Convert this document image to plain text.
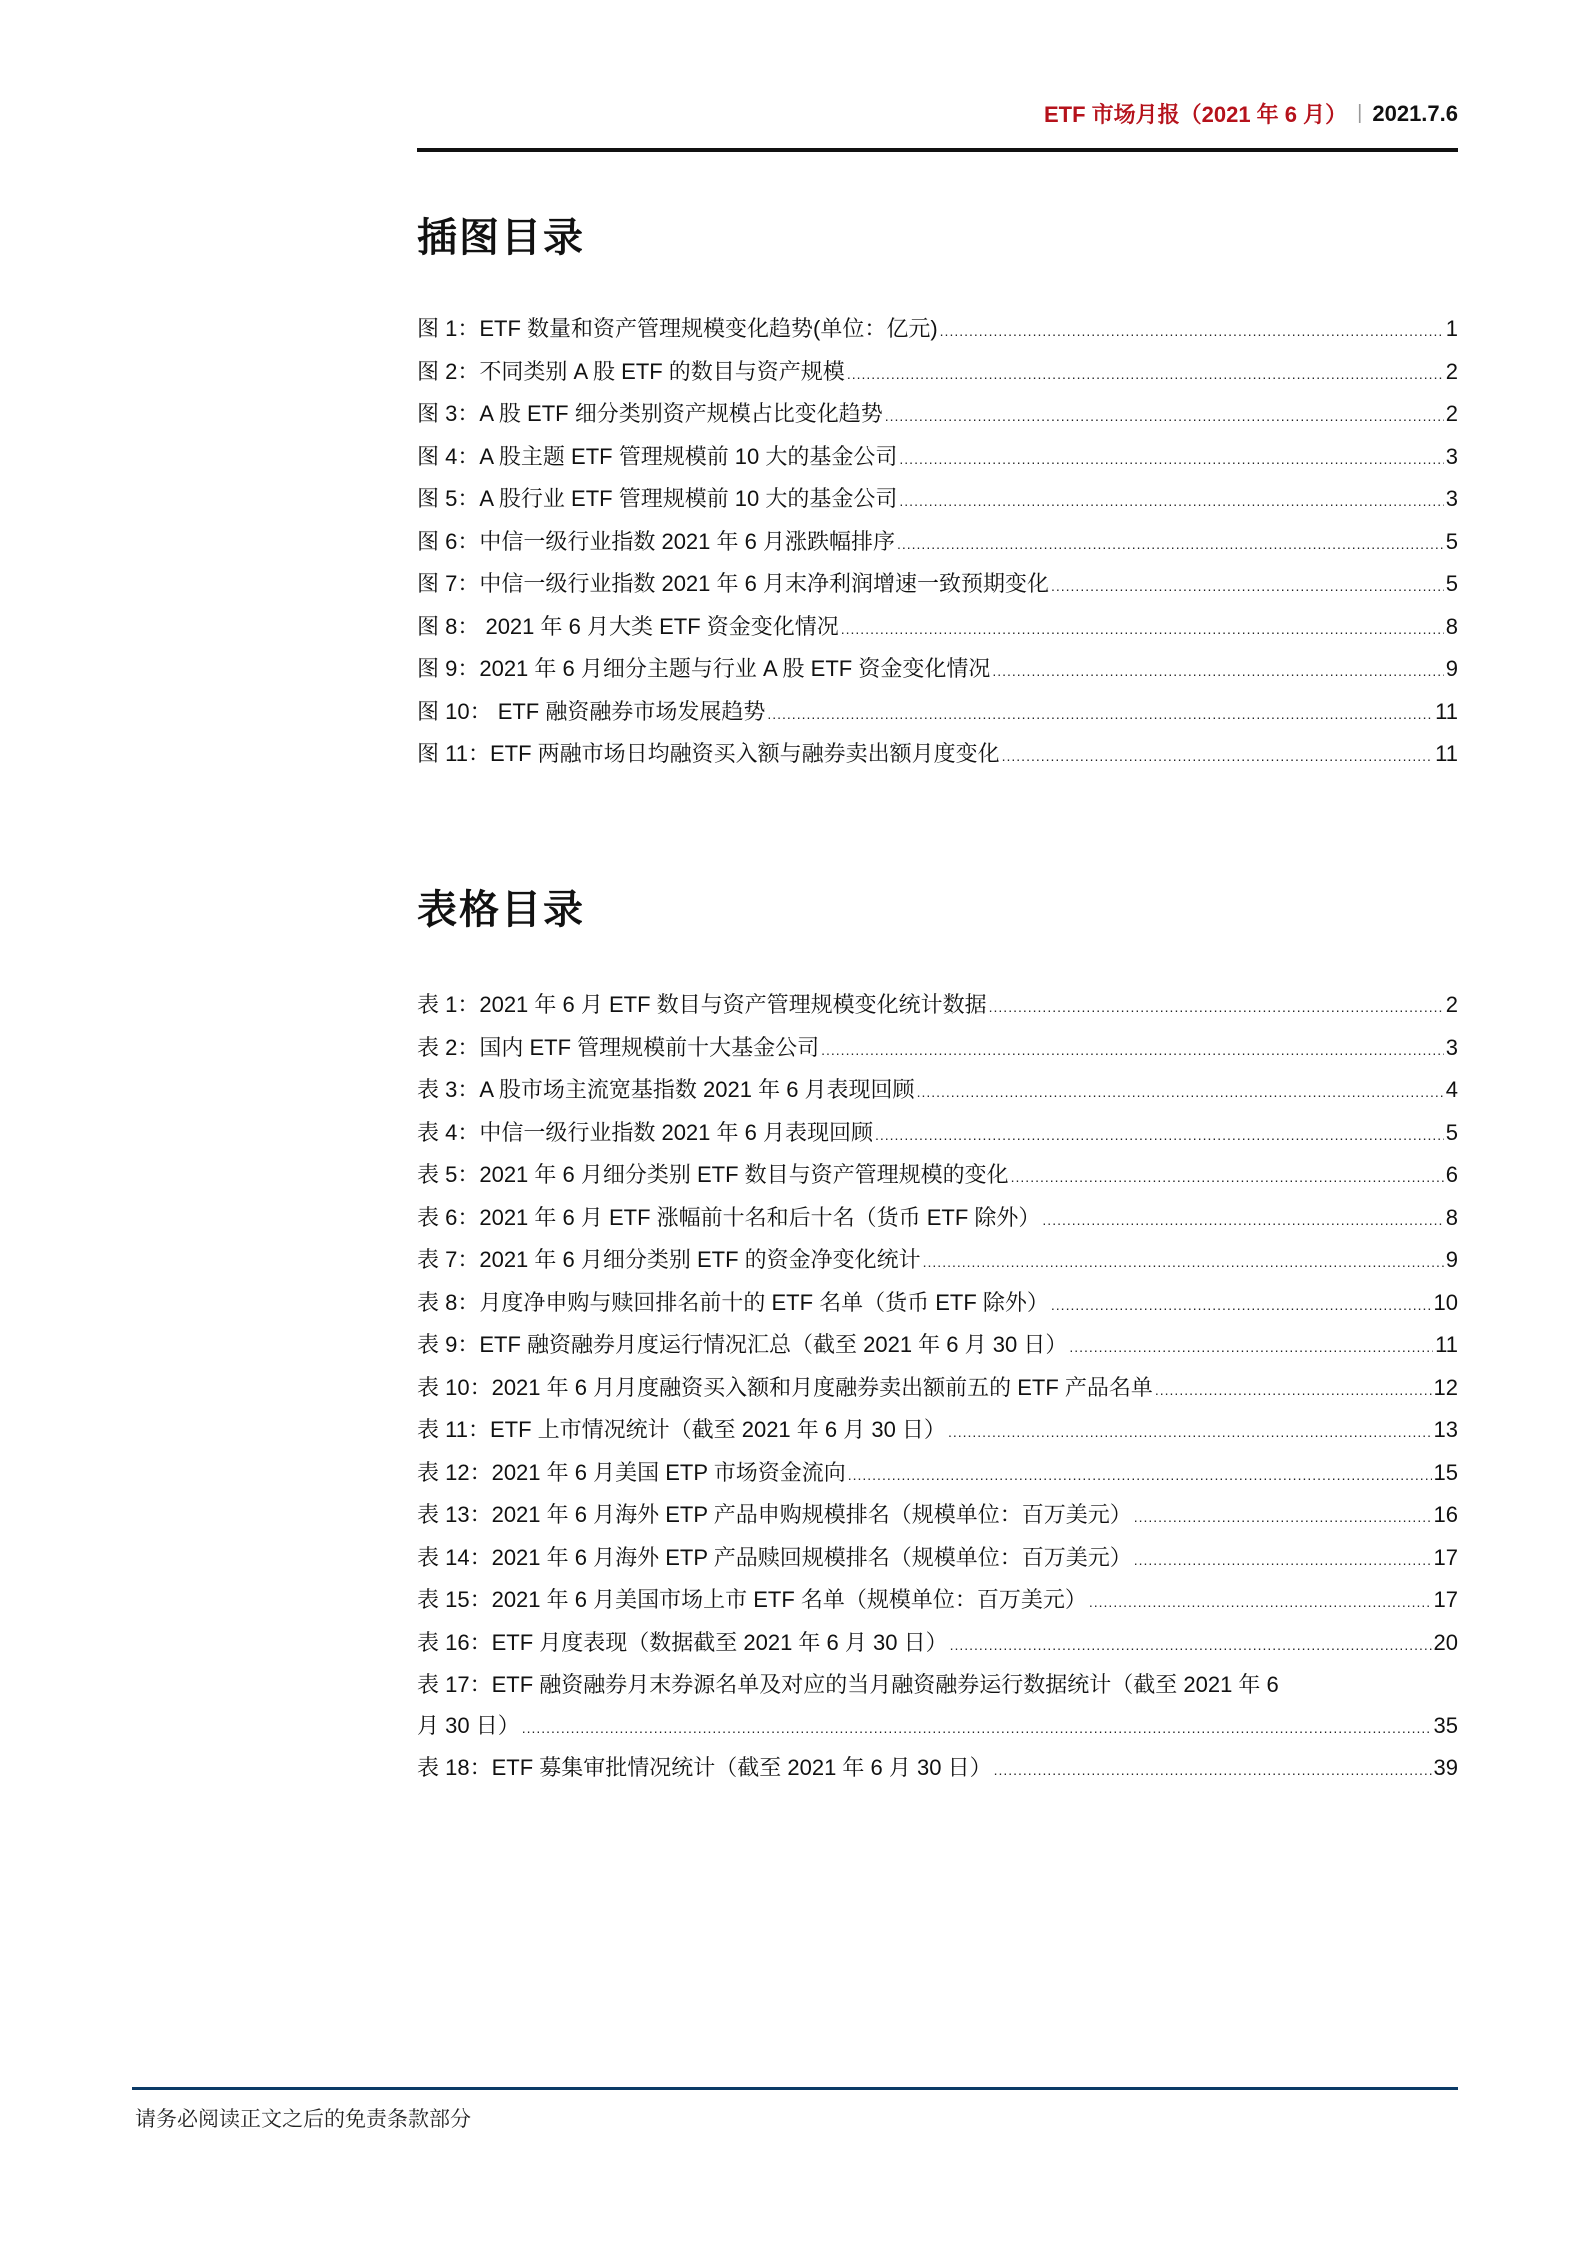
ETF 市场月报（2021 年 6 月） | 2021.7.6
插图目录
图 1：ETF 数量和资产管理规模变化趋势(单位：亿元) .....	1
图 2：不同类别 A 股 ETF 的数目与资产规模 .....	2
图 3：A 股 ETF 细分类别资产规模占比变化趋势 .....	2
图 4：A 股主题 ETF 管理规模前 10 大的基金公司 .....	3
图 5：A 股行业 ETF 管理规模前 10 大的基金公司 .....	3
图 6：中信一级行业指数 2021 年 6 月涨跌幅排序 .....	5
图 7：中信一级行业指数 2021 年 6 月末净利润增速一致预期变化 .....	5
图 8： 2021 年 6 月大类 ETF 资金变化情况 .....	8
图 9：2021 年 6 月细分主题与行业 A 股 ETF 资金变化情况 .....	9
图 10： ETF 融资融券市场发展趋势 .....	11
图 11：ETF 两融市场日均融资买入额与融券卖出额月度变化 .....	11
表格目录
表 1：2021 年 6 月 ETF 数目与资产管理规模变化统计数据 .....	2
表 2：国内 ETF 管理规模前十大基金公司 .....	3
表 3：A 股市场主流宽基指数 2021 年 6 月表现回顾 .....	4
表 4：中信一级行业指数 2021 年 6 月表现回顾 .....	5
表 5：2021 年 6 月细分类别 ETF 数目与资产管理规模的变化 .....	6
表 6：2021 年 6 月 ETF 涨幅前十名和后十名（货币 ETF 除外） .....	8
表 7：2021 年 6 月细分类别 ETF 的资金净变化统计 .....	9
表 8：月度净申购与赎回排名前十的 ETF 名单（货币 ETF 除外） .....	10
表 9：ETF 融资融券月度运行情况汇总（截至 2021 年 6 月 30 日） .....	11
表 10：2021 年 6 月月度融资买入额和月度融券卖出额前五的 ETF 产品名单 .....	12
表 11：ETF 上市情况统计（截至 2021 年 6 月 30 日） .....	13
表 12：2021 年 6 月美国 ETP 市场资金流向 .....	15
表 13：2021 年 6 月海外 ETP 产品申购规模排名（规模单位：百万美元） .....	16
表 14：2021 年 6 月海外 ETP 产品赎回规模排名（规模单位：百万美元） .....	17
表 15：2021 年 6 月美国市场上市 ETF 名单（规模单位：百万美元） .....	17
表 16：ETF 月度表现（数据截至 2021 年 6 月 30 日） .....	20
表 17：ETF 融资融券月末券源名单及对应的当月融资融券运行数据统计（截至 2021 年 6
月 30 日） .....	35
表 18：ETF 募集审批情况统计（截至 2021 年 6 月 30 日） .....	39
请务必阅读正文之后的免责条款部分
